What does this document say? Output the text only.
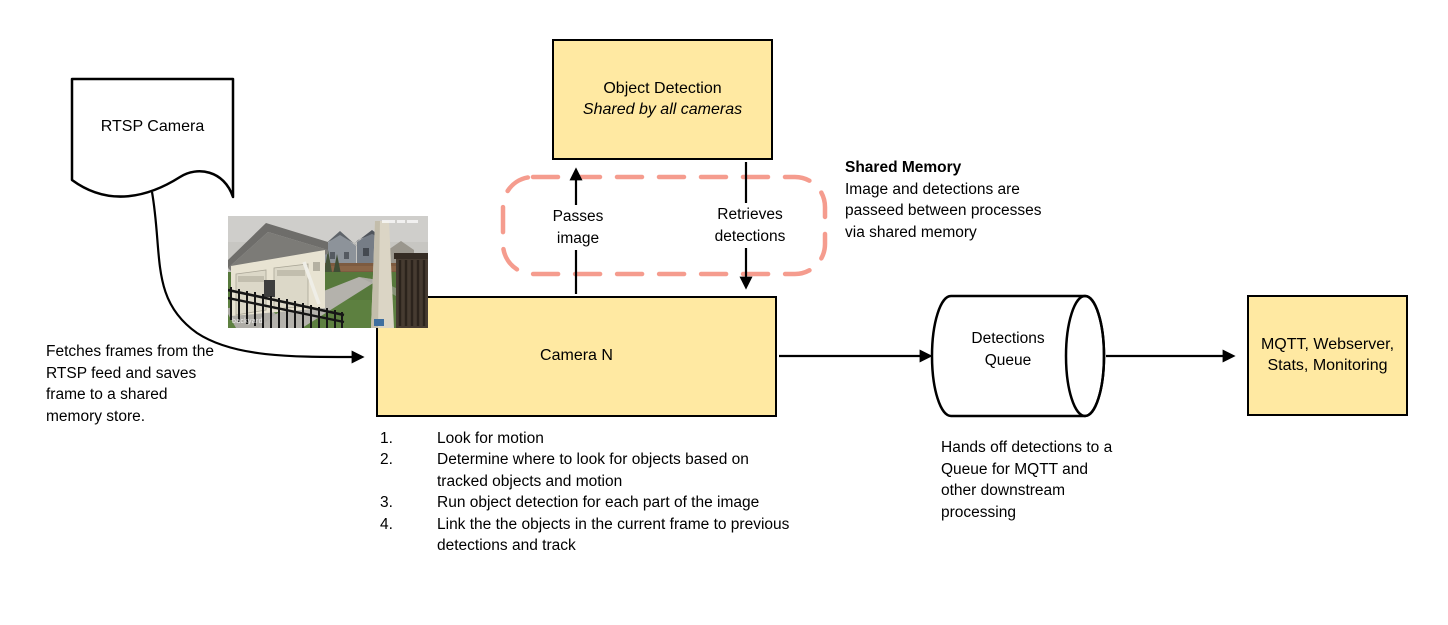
RTSP Camera
Fetches frames from the RTSP feed and saves frame to a shared memory store.
Object Detection
Shared by all cameras
Passes image
Retrieves detections
Shared Memory
Image and detections are passeed between processes via shared memory
Camera N
1.	Look for motion
2.	Determine where to look for objects based on tracked objects and motion
3.	Run object detection for each part of the image
4.	Link the the objects in the current frame to previous detections and track
Detections Queue
Hands off detections to a Queue for MQTT and other downstream processing
MQTT, Webserver, Stats, Monitoring
backyard
